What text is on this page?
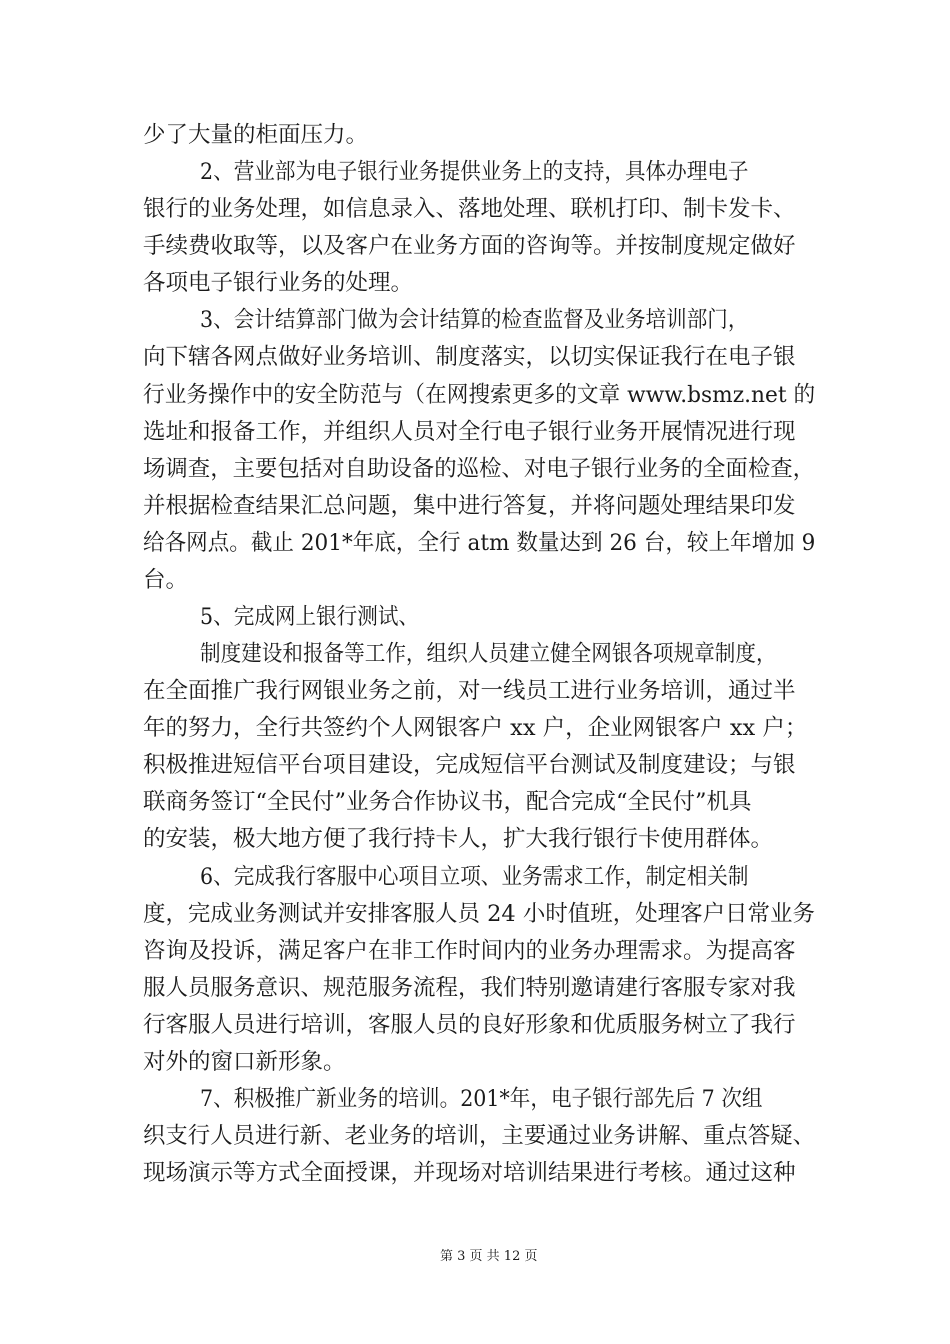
少了大量的柜面压力。
2、营业部为电子银行业务提供业务上的支持，具体办理电子
银行的业务处理，如信息录入、落地处理、联机打印、制卡发卡、
手续费收取等，以及客户在业务方面的咨询等。并按制度规定做好
各项电子银行业务的处理。
3、会计结算部门做为会计结算的检查监督及业务培训部门，
向下辖各网点做好业务培训、制度落实，以切实保证我行在电子银
行业务操作中的安全防范与（在网搜索更多的文章 www.bsmz.net 的
选址和报备工作，并组织人员对全行电子银行业务开展情况进行现
场调查，主要包括对自助设备的巡检、对电子银行业务的全面检查，
并根据检查结果汇总问题，集中进行答复，并将问题处理结果印发
给各网点。截止 201*年底，全行 atm 数量达到 26 台，较上年增加 9
台。
5、完成网上银行测试、
制度建设和报备等工作，组织人员建立健全网银各项规章制度，
在全面推广我行网银业务之前，对一线员工进行业务培训，通过半
年的努力，全行共签约个人网银客户 xx 户，企业网银客户 xx 户；
积极推进短信平台项目建设，完成短信平台测试及制度建设；与银
联商务签订“全民付”业务合作协议书，配合完成“全民付”机具
的安装，极大地方便了我行持卡人，扩大我行银行卡使用群体。
6、完成我行客服中心项目立项、业务需求工作，制定相关制
度，完成业务测试并安排客服人员 24 小时值班，处理客户日常业务
咨询及投诉，满足客户在非工作时间内的业务办理需求。为提高客
服人员服务意识、规范服务流程，我们特别邀请建行客服专家对我
行客服人员进行培训，客服人员的良好形象和优质服务树立了我行
对外的窗口新形象。
7、积极推广新业务的培训。201*年，电子银行部先后 7 次组
织支行人员进行新、老业务的培训，主要通过业务讲解、重点答疑、
现场演示等方式全面授课，并现场对培训结果进行考核。通过这种
第 3 页 共 12 页
